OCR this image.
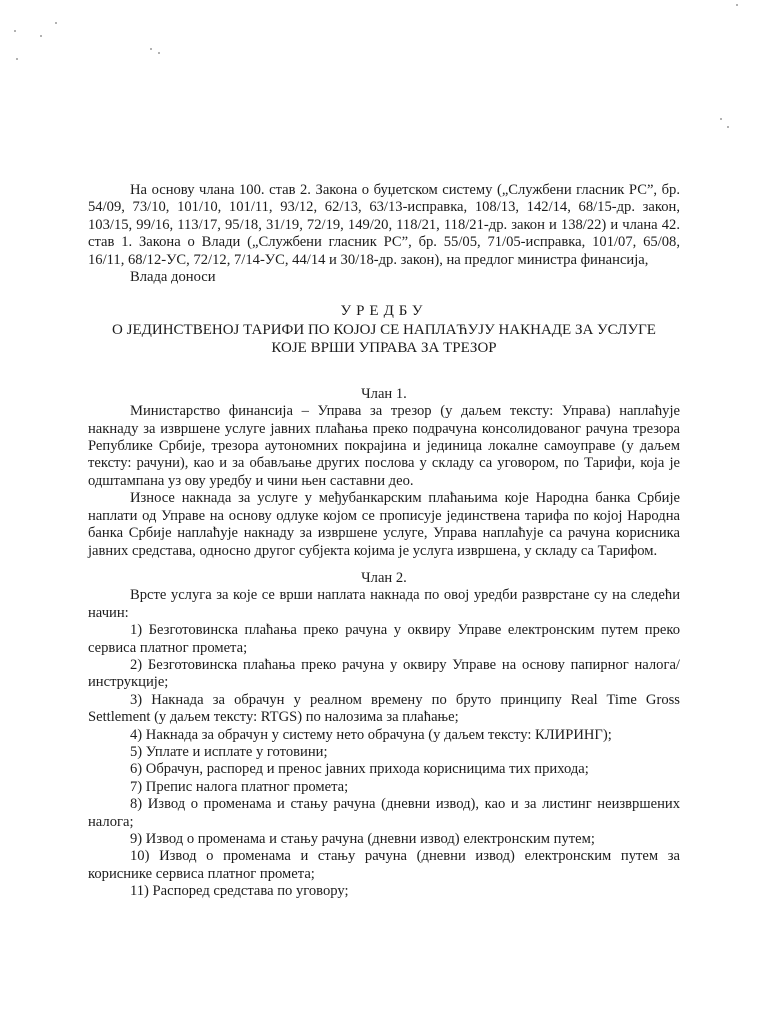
На основу члана 100. став 2. Закона о буџетском систему („Службени гласник РС”, бр. 54/09, 73/10, 101/10, 101/11, 93/12, 62/13, 63/13-исправка, 108/13, 142/14, 68/15-др. закон, 103/15, 99/16, 113/17, 95/18, 31/19, 72/19, 149/20, 118/21, 118/21-др. закон и 138/22) и члана 42. став 1. Закона о Влади („Службени гласник РС”, бр. 55/05, 71/05-исправка, 101/07, 65/08, 16/11, 68/12-УС, 72/12, 7/14-УС, 44/14 и 30/18-др. закон), на предлог министра финансија,

Влада доноси

УРЕДБУ
О ЈЕДИНСТВЕНОЈ ТАРИФИ ПО КОЈОЈ СЕ НАПЛАЋУЈУ НАКНАДЕ ЗА УСЛУГЕ
КОЈЕ ВРШИ УПРАВА ЗА ТРЕЗОР
Члан 1.

Министарство финансија – Управа за трезор (у даљем тексту: Управа) наплаћује накнаду за извршене услуге јавних плаћања преко подрачуна консолидованог рачуна трезора Републике Србије, трезора аутономних покрајина и јединица локалне самоуправе (у даљем тексту: рачуни), као и за обављање других послова у складу са уговором, по Тарифи, која је одштампана уз ову уредбу и чини њен саставни део.

Износе накнада за услуге у међубанкарским плаћањима које Народна банка Србије наплати од Управе на основу одлуке којом се прописује јединствена тарифа по којој Народна банка Србије наплаћује накнаду за извршене услуге, Управа наплаћује са рачуна корисника јавних средстава, односно другог субјекта којима је услуга извршена, у складу са Тарифом.

Члан 2.

Врсте услуга за које се врши наплата накнада по овој уредби разврстане су на следећи начин:

1) Безготовинска плаћања преко рачуна у оквиру Управе електронским путем преко сервиса платног промета;
2) Безготовинска плаћања преко рачуна у оквиру Управе на основу папирног налога/инструкције;
3) Накнада за обрачун у реалном времену по бруто принципу Real Time Gross Settlement (у даљем тексту: RTGS) по налозима за плаћање;
4) Накнада за обрачун у систему нето обрачуна (у даљем тексту: КЛИРИНГ);
5) Уплате и исплате у готовини;
6) Обрачун, распоред и пренос јавних прихода корисницима тих прихода;
7) Препис налога платног промета;
8) Извод о променама и стању рачуна (дневни извод), као и за листинг неизвршених налога;
9) Извод о променама и стању рачуна (дневни извод) електронским путем;
10) Извод о променама и стању рачуна (дневни извод) електронским путем за кориснике сервиса платног промета;
11) Распоред средстава по уговору;
